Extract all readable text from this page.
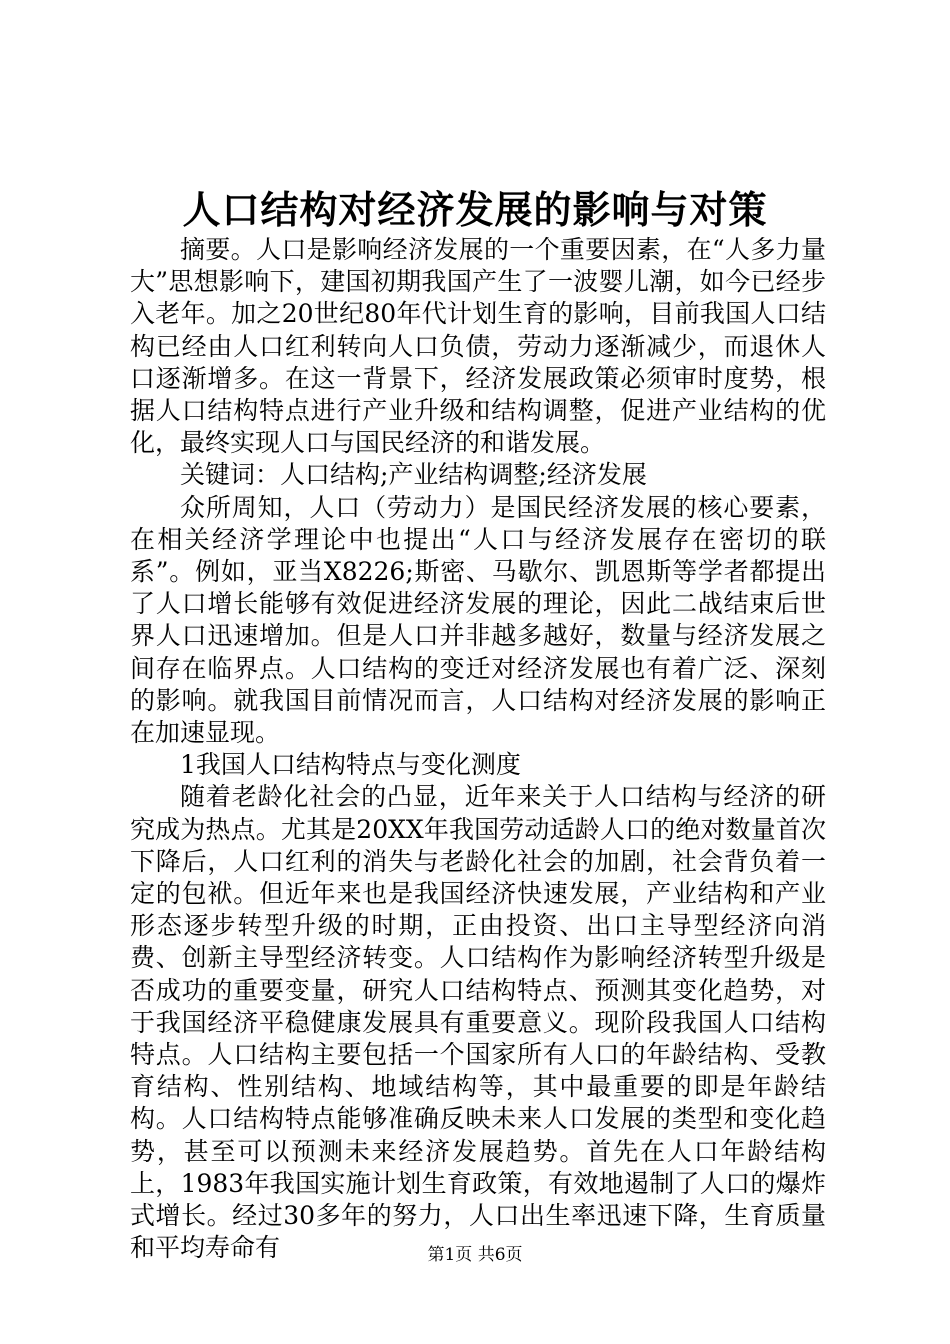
人口结构对经济发展的影响与对策

摘要。人口是影响经济发展的一个重要因素，在“人多力量大”思想影响下，建国初期我国产生了一波婴儿潮，如今已经步入老年。加之20世纪80年代计划生育的影响，目前我国人口结构已经由人口红利转向人口负债，劳动力逐渐减少，而退休人口逐渐增多。在这一背景下，经济发展政策必须审时度势，根据人口结构特点进行产业升级和结构调整，促进产业结构的优化，最终实现人口与国民经济的和谐发展。

关键词：人口结构;产业结构调整;经济发展

众所周知，人口（劳动力）是国民经济发展的核心要素，在相关经济学理论中也提出“人口与经济发展存在密切的联系”。例如，亚当X8226;斯密、马歇尔、凯恩斯等学者都提出了人口增长能够有效促进经济发展的理论，因此二战结束后世界人口迅速增加。但是人口并非越多越好，数量与经济发展之间存在临界点。人口结构的变迁对经济发展也有着广泛、深刻的影响。就我国目前情况而言，人口结构对经济发展的影响正在加速显现。

1我国人口结构特点与变化测度

随着老龄化社会的凸显，近年来关于人口结构与经济的研究成为热点。尤其是20XX年我国劳动适龄人口的绝对数量首次下降后，人口红利的消失与老龄化社会的加剧，社会背负着一定的包袱。但近年来也是我国经济快速发展，产业结构和产业形态逐步转型升级的时期，正由投资、出口主导型经济向消费、创新主导型经济转变。人口结构作为影响经济转型升级是否成功的重要变量，研究人口结构特点、预测其变化趋势，对于我国经济平稳健康发展具有重要意义。现阶段我国人口结构特点。人口结构主要包括一个国家所有人口的年龄结构、受教育结构、性别结构、地域结构等，其中最重要的即是年龄结构。人口结构特点能够准确反映未来人口发展的类型和变化趋势，甚至可以预测未来经济发展趋势。首先在人口年龄结构上，1983年我国实施计划生育政策，有效地遏制了人口的爆炸式增长。经过30多年的努力，人口出生率迅速下降，生育质量和平均寿命有	第1页 共6页
